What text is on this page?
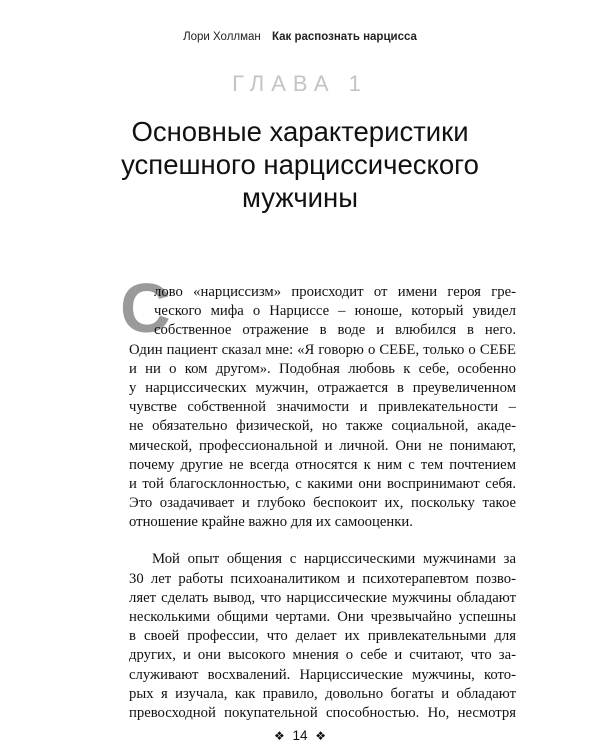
Лори Холлман Как распознать нарцисса
ГЛАВА 1
Основные характеристики
успешного нарциссического
мужчины
С
лово «нарциссизм» происходит от имени героя гре-
ческого мифа о Нарциссе – юноше, который увидел
собственное отражение в воде и влюбился в него.
Один пациент сказал мне: «Я говорю о СЕБЕ, только о СЕБЕ
и ни о ком другом». Подобная любовь к себе, особенно
у нарциссических мужчин, отражается в преувеличенном
чувстве собственной значимости и привлекательности –
не обязательно физической, но также социальной, акаде-
мической, профессиональной и личной. Они не понимают,
почему другие не всегда относятся к ним с тем почтением
и той благосклонностью, с какими они воспринимают себя.
Это озадачивает и глубоко беспокоит их, поскольку такое
отношение крайне важно для их самооценки.
Мой опыт общения с нарциссическими мужчинами за
30 лет работы психоаналитиком и психотерапевтом позво-
ляет сделать вывод, что нарциссические мужчины обладают
несколькими общими чертами. Они чрезвычайно успешны
в своей профессии, что делает их привлекательными для
других, и они высокого мнения о себе и считают, что за-
служивают восхвалений. Нарциссические мужчины, кото-
рых я изучала, как правило, довольно богаты и обладают
превосходной покупательной способностью. Но, несмотря
❖ 14 ❖
